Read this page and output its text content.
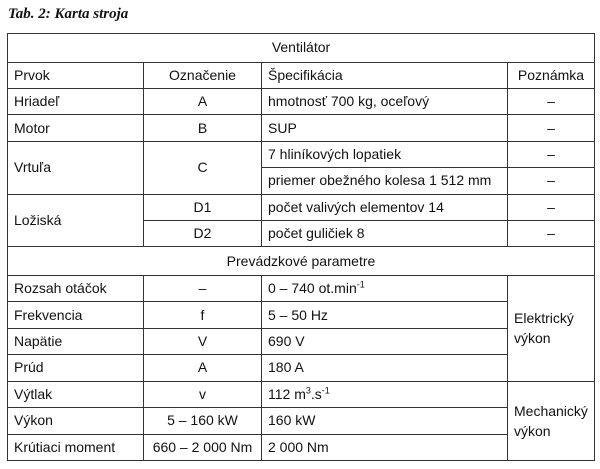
Tab. 2: Karta stroja
Ventilátor			
Prvok	Označenie	Špecifikácia	Poznámka
Hriadeľ	A	hmotnosť 700 kg, oceľový	–
Motor	B	SUP	–
Vrtuľa	C	7 hliníkových lopatiek	–
		priemer obežného kolesa 1 512 mm	–
Ložiská	D1	počet valivých elementov 14	–
	D2	počet guličiek 8	–
Prevádzkové parametre			
Rozsah otáčok	–	0 – 740 $ot.\min^{-1}$	Elektrický výkon
Frekvencia	f	5 – 50 Hz	
Napätie	V	690 V	
Prúd	A	180 A	
Výtlak	v	112 $m^3.s^{-1}$	Mechanický výkon
Výkon	5 – 160 kW	160 kW	
Krútiaci moment	660 – 2 000 Nm	2 000 Nm	
